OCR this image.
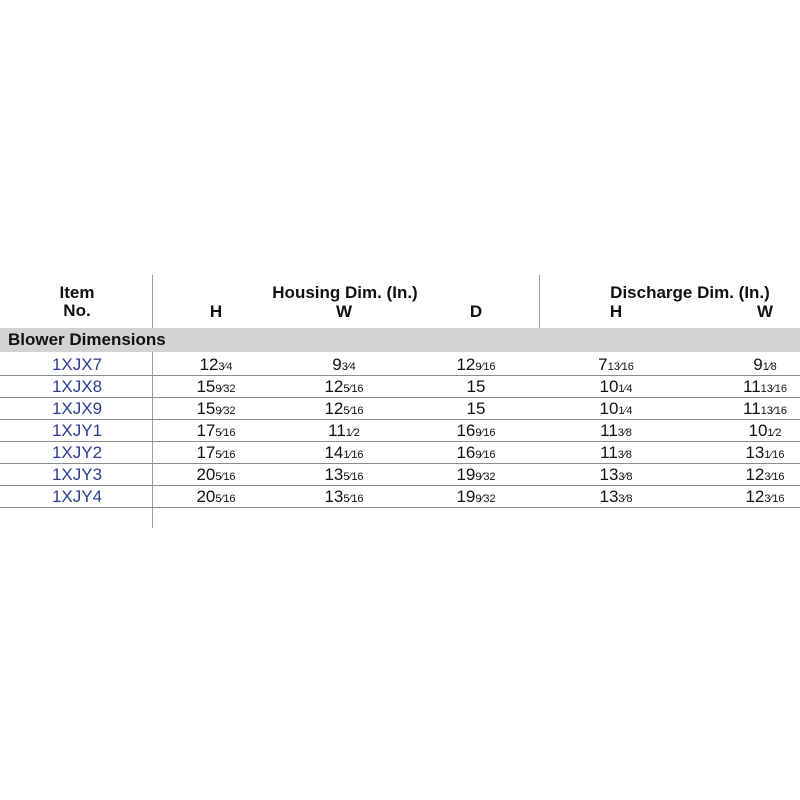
Item
No.
Housing Dim. (In.)
H	W	D
Discharge Dim. (In.)
H	W
Blower Dimensions
1XJX7	123⁄4	93⁄4	129⁄16	713⁄16	91⁄8
1XJX8	159⁄32	125⁄16	15	101⁄4	1113⁄16
1XJX9	159⁄32	125⁄16	15	101⁄4	1113⁄16
1XJY1	175⁄16	111⁄2	169⁄16	113⁄8	101⁄2
1XJY2	175⁄16	141⁄16	169⁄16	113⁄8	131⁄16
1XJY3	205⁄16	135⁄16	199⁄32	133⁄8	123⁄16
1XJY4	205⁄16	135⁄16	199⁄32	133⁄8	123⁄16
